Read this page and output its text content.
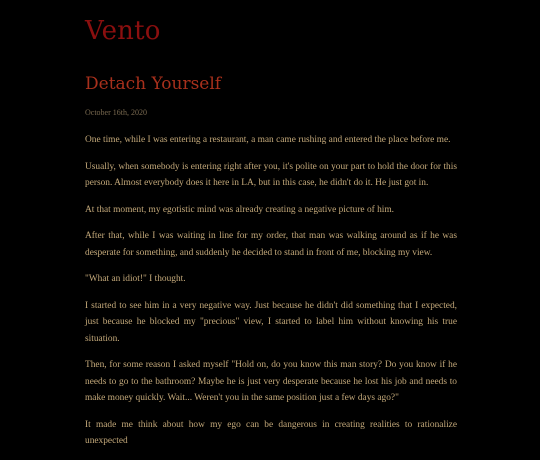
Vento
Detach Yourself
October 16th, 2020

One time, while I was entering a restaurant, a man came rushing and entered the place before me.

Usually, when somebody is entering right after you, it's polite on your part to hold the door for this person. Almost everybody does it here in LA, but in this case, he didn't do it. He just got in.

At that moment, my egotistic mind was already creating a negative picture of him.

After that, while I was waiting in line for my order, that man was walking around as if he was desperate for something, and suddenly he decided to stand in front of me, blocking my view.

"What an idiot!" I thought.

I started to see him in a very negative way. Just because he didn't did something that I expected, just because he blocked my "precious" view, I started to label him without knowing his true situation.

Then, for some reason I asked myself "Hold on, do you know this man story? Do you know if he needs to go to the bathroom? Maybe he is just very desperate because he lost his job and needs to make money quickly. Wait... Weren't you in the same position just a few days ago?"

It made me think about how my ego can be dangerous in creating realities to rationalize unexpected
